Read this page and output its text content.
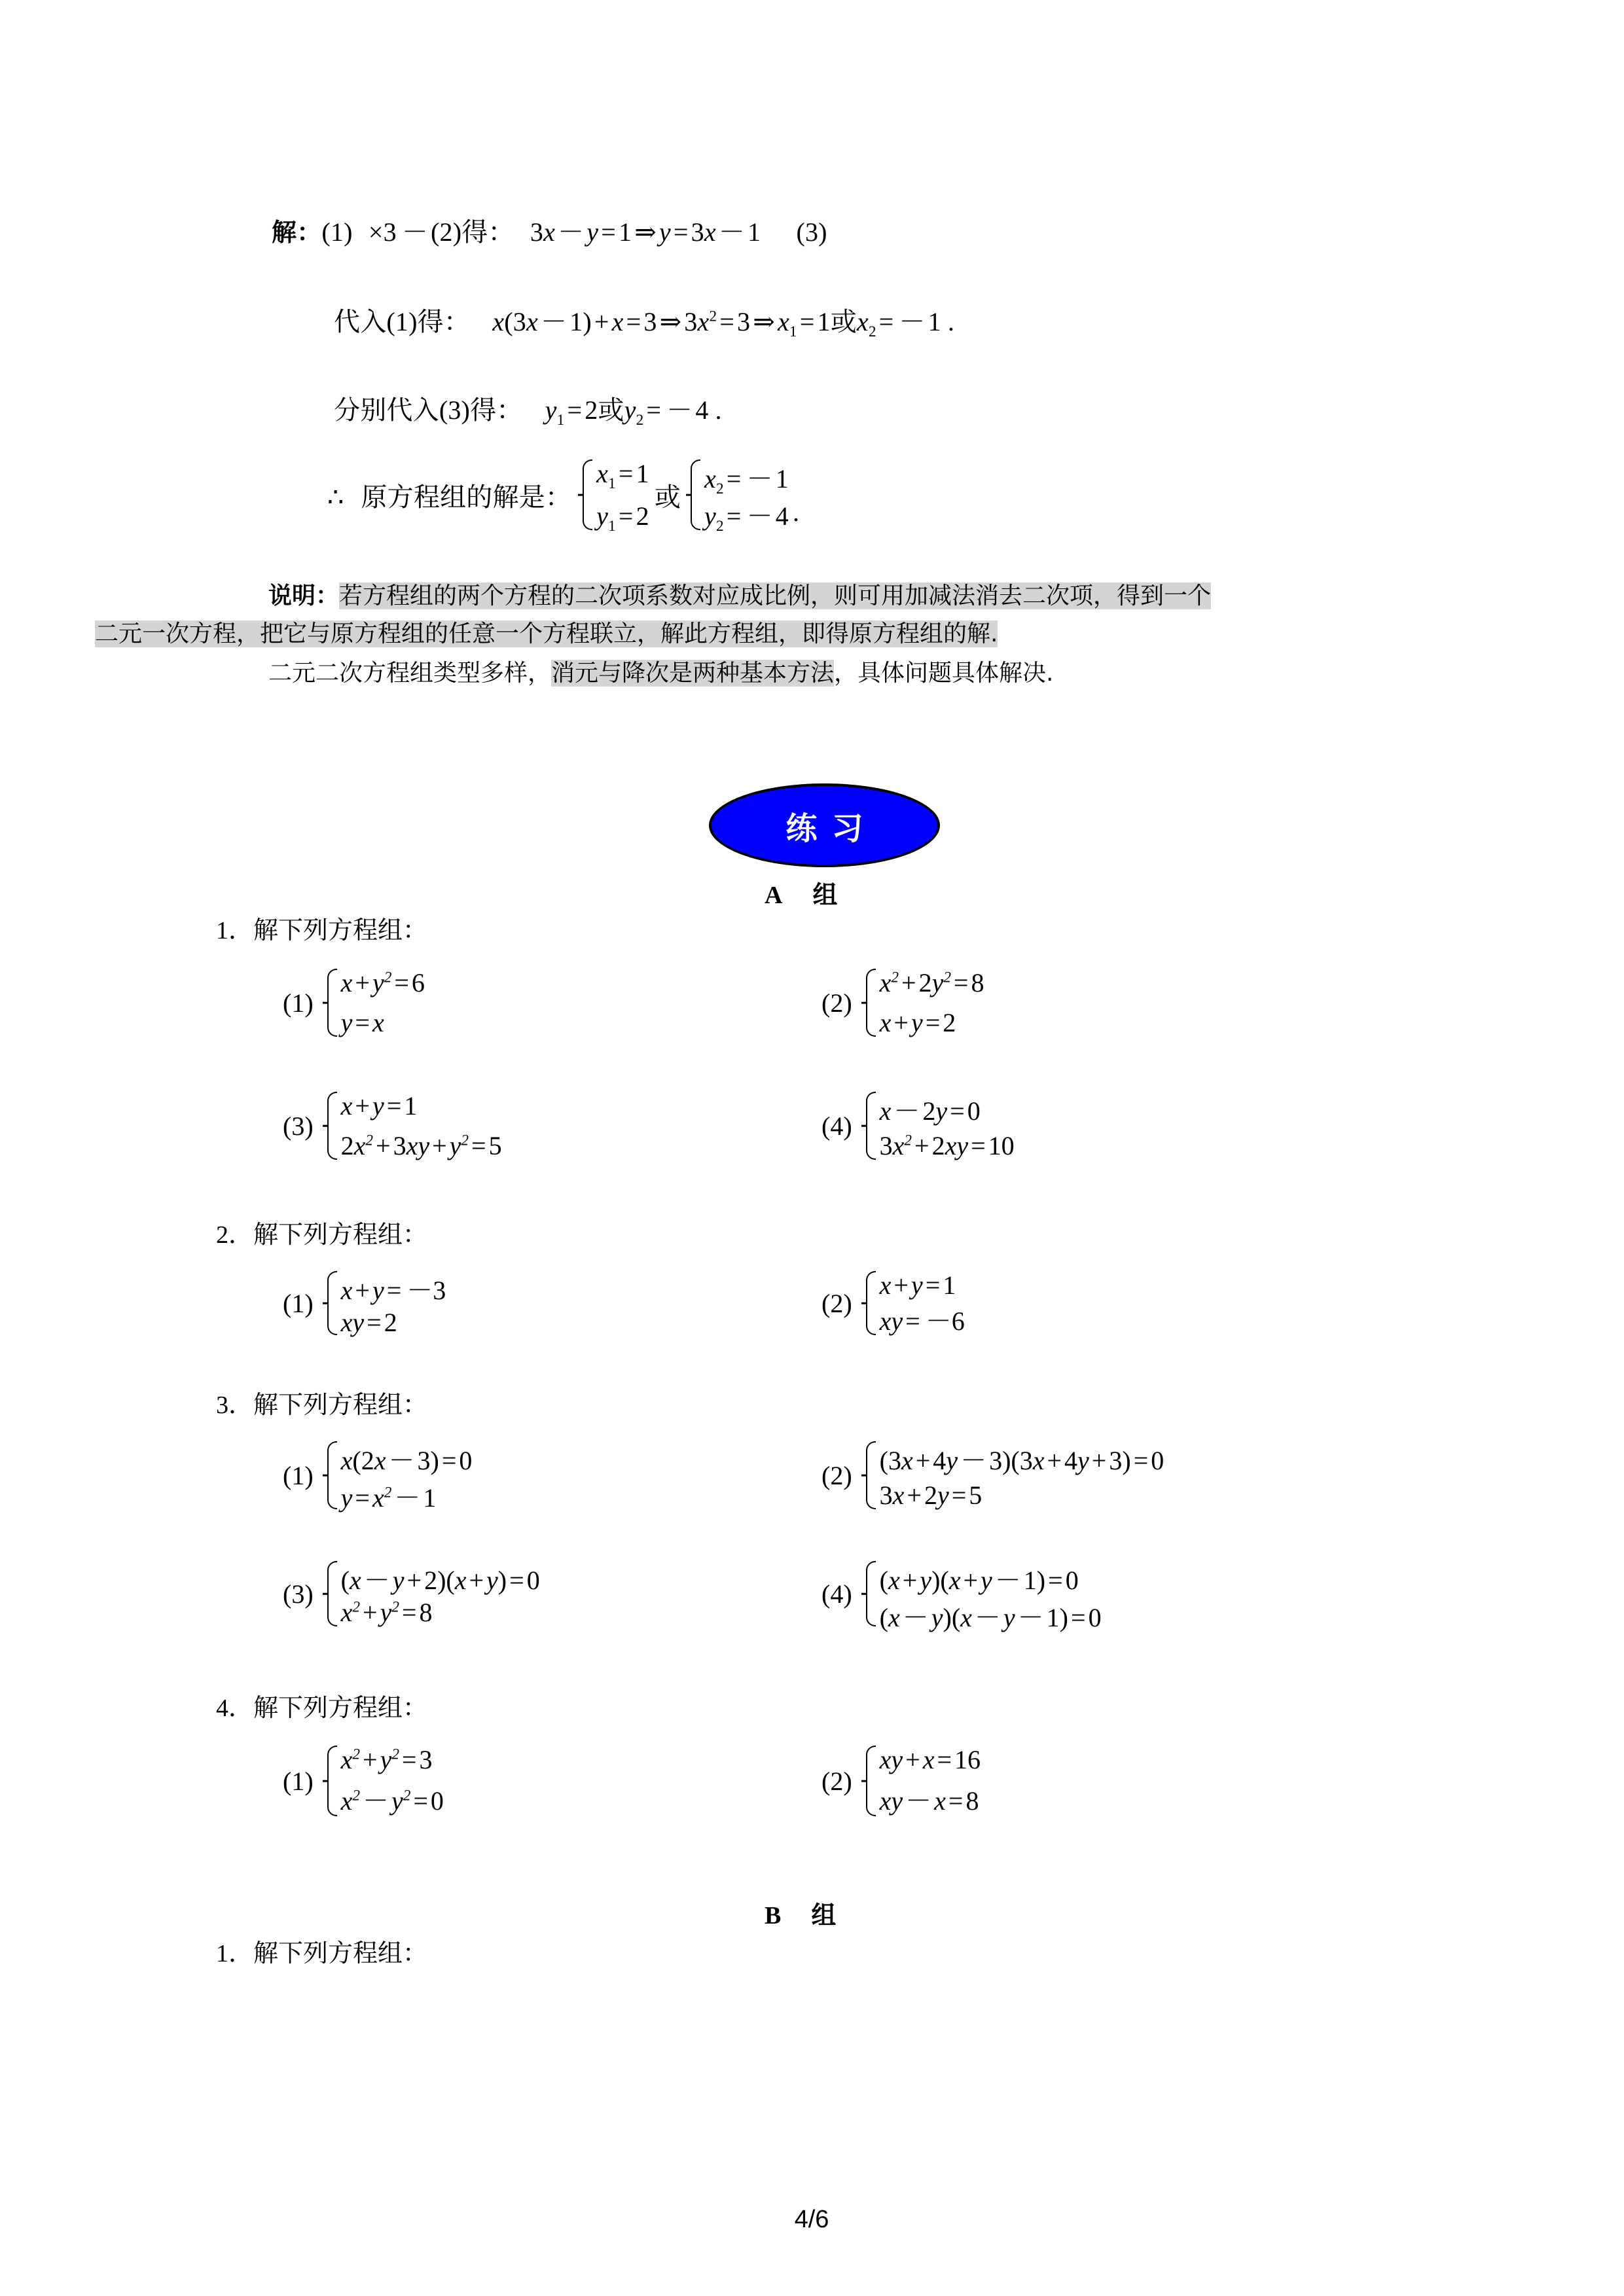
解：(1) ×3 － (2)得： 3x － y = 1 ⇒ y = 3x － 1 (3)
代入(1)得： x(3x － 1) + x = 3 ⇒ $3x^2 = 3$ ⇒ $x_1 = 1$或$x_2$ = － 1 .
分别代入(3)得： $y_1 = 2$或$y_2$ = － 4 .
∴  原方程组的解是：
$x_1 = 1$
$y_1 = 2$
或
$x_2$ = － 1
$y_2$ = － 4 .
说明：若方程组的两个方程的二次项系数对应成比例，则可用加减法消去二次项，得到一个
二元一次方程，把它与原方程组的任意一个方程联立，解此方程组，即得原方程组的解.
二元二次方程组类型多样，消元与降次是两种基本方法，具体问题具体解决.
练习
A 组
1．解下列方程组：
(1)
$x + y^2 = 6$
y = x
(2)
$x^2 + 2y^2 = 8$
x + y = 2
(3)
x + y = 1
$2x^2 + 3xy + y^2 = 5$
(4) x － 2y = 0
$3x^2 + 2xy = 10$
2．解下列方程组：
(1) x + y = －3
xy = 2
(2)
x + y = 1
xy = －6
3．解下列方程组：
(1) x(2x － 3) = 0
$y = x^2 - 1$
(2) (3x + 4y － 3)(3x + 4y + 3) = 0
3x + 2y = 5
(3) (x － y + 2)(x + y) = 0
$x^2 + y^2 = 8$
(4) (x + y)(x + y － 1) = 0
(x － y)(x － y － 1) = 0
4．解下列方程组：
(1)
$x^2 + y^2 = 3$
$x^2 - y^2 = 0$
(2)
xy + x = 16
xy － x = 8
B 组
1．解下列方程组：
4/6
